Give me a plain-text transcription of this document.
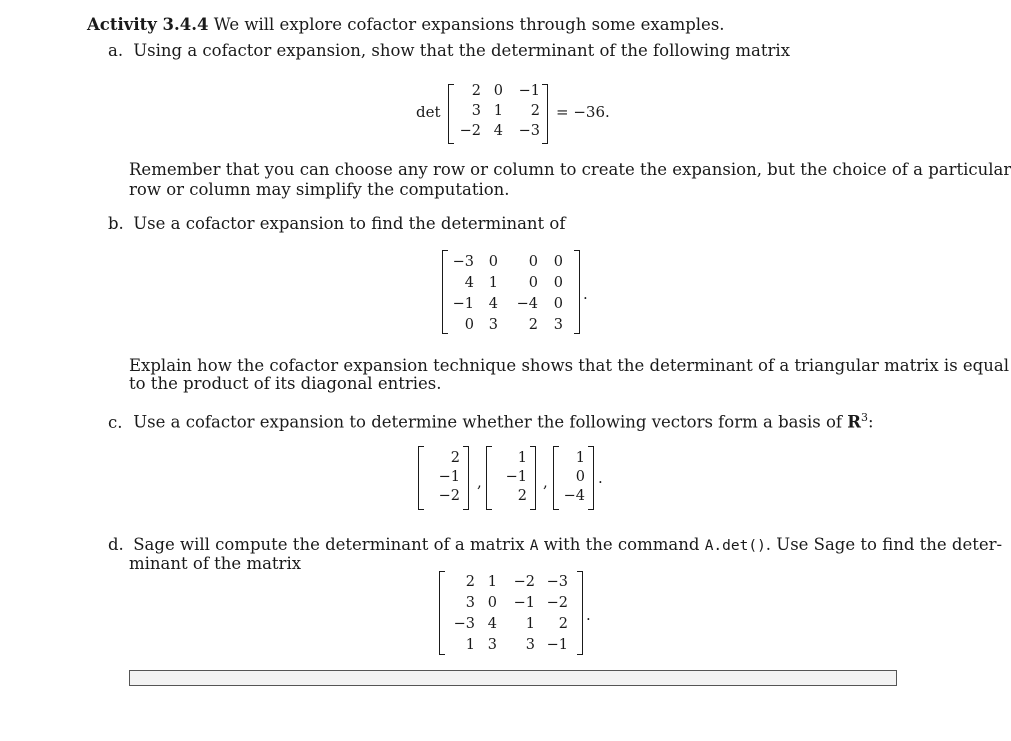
Activity 3.4.4 We will explore cofactor expansions through some examples.
a. Using a cofactor expansion, show that the determinant of the following matrix
det
2 0	−1
3 1	2
−2 4	−3
= −36.
Remember that you can choose any row or column to create the expansion, but the choice of a particular
row or column may simplify the computation.
b. Use a cofactor expansion to find the determinant of
−3	0	0	0
4	1	0	0
−1	4	−4	0
0	3	2	3
.
Explain how the cofactor expansion technique shows that the determinant of a triangular matrix is equal
to the product of its diagonal entries.
c. Use a cofactor expansion to determine whether the following vectors form a basis of $R^3$:
2
−1
−2
,
1
−1
2
,
1
0
−4
.
d. Sage will compute the determinant of a matrix A with the command A.det(). Use Sage to find the deter-
minant of the matrix
2 1	−2 −3
3 0	−1 −2
−3 4	1	2
1 3	3 −1
.
